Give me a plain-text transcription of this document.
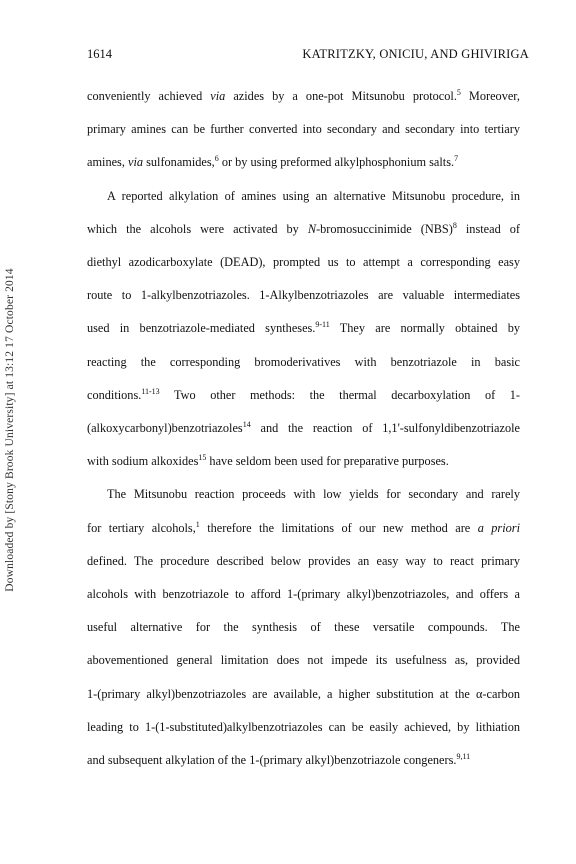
1614	KATRITZKY, ONICIU, AND GHIVIRIGA
Downloaded by [Stony Brook University] at 13:12 17 October 2014
conveniently achieved via azides by a one-pot Mitsunobu protocol.$^5$ Moreover,
primary amines can be further converted into secondary and secondary into tertiary
amines, via sulfonamides,$^6$ or by using preformed alkylphosphonium salts.$^7$
A reported alkylation of amines using an alternative Mitsunobu procedure, in
which the alcohols were activated by N-bromosuccinimide (NBS)$^8$ instead of
diethyl azodicarboxylate (DEAD), prompted us to attempt a corresponding easy
route to 1-alkylbenzotriazoles. 1-Alkylbenzotriazoles are valuable intermediates
used in benzotriazole-mediated syntheses.$^{9-11}$ They are normally obtained by
reacting the corresponding bromoderivatives with benzotriazole in basic
conditions.$^{11-13}$ Two other methods: the thermal decarboxylation of 1-
(alkoxycarbonyl)benzotriazoles$^{14}$ and the reaction of 1,1'-sulfonyldibenzotriazole
with sodium alkoxides$^{15}$ have seldom been used for preparative purposes.
The Mitsunobu reaction proceeds with low yields for secondary and rarely
for tertiary alcohols,$^1$ therefore the limitations of our new method are a priori
defined. The procedure described below provides an easy way to react primary
alcohols with benzotriazole to afford 1-(primary alkyl)benzotriazoles, and offers a
useful alternative for the synthesis of these versatile compounds. The
abovementioned general limitation does not impede its usefulness as, provided
1-(primary alkyl)benzotriazoles are available, a higher substitution at the α-carbon
leading to 1-(1-substituted)alkylbenzotriazoles can be easily achieved, by lithiation
and subsequent alkylation of the 1-(primary alkyl)benzotriazole congeners.$^{9,11}$
